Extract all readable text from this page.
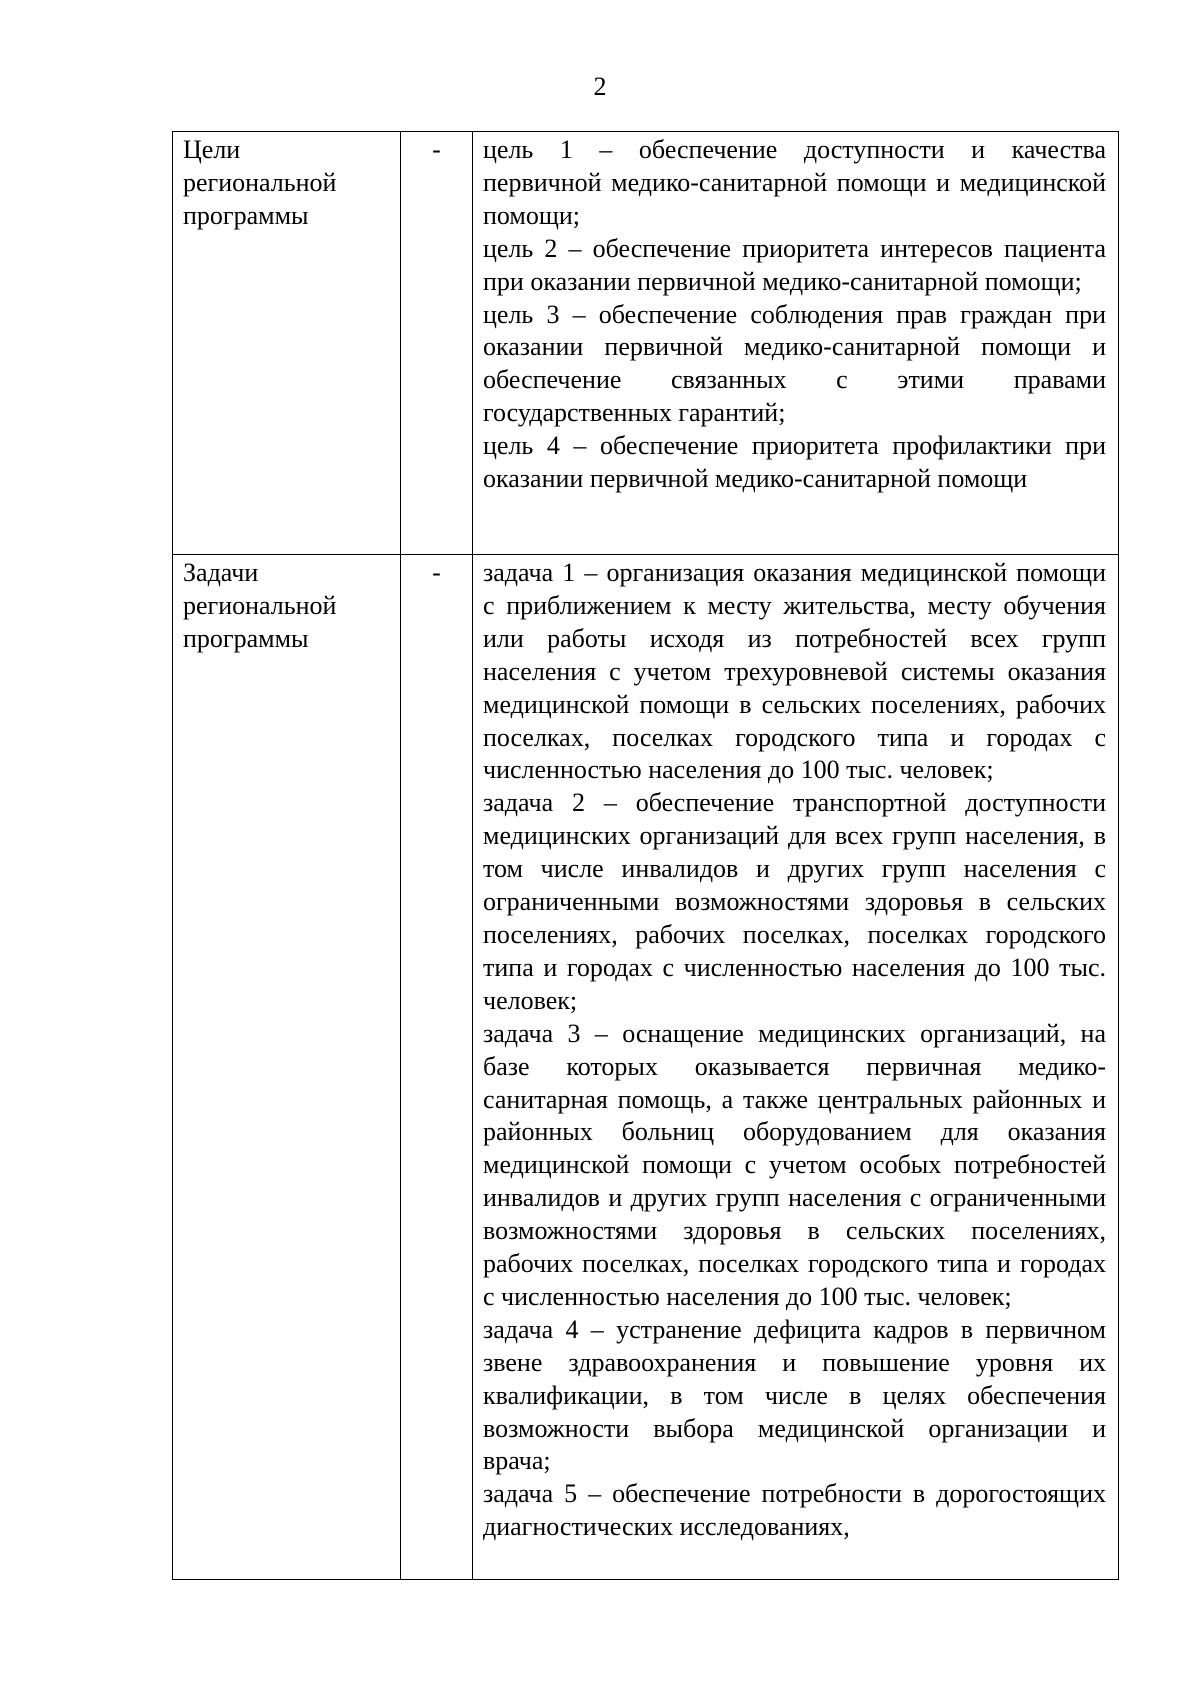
2
Цели региональной программы	-	цель 1 – обеспечение доступности и качества первичной медико-санитарной помощи и медицинской помощи;

цель 2 – обеспечение приоритета интересов пациента при оказании первичной медико-санитарной помощи;

цель 3 – обеспечение соблюдения прав граждан при оказании первичной медико-санитарной помощи и обеспечение связанных с этими правами государственных гарантий;

цель 4 – обеспечение приоритета профилактики при оказании первичной медико-санитарной помощи

Задачи региональной программы	-	задача 1 – организация оказания медицинской помощи с приближением к месту жительства, месту обучения или работы исходя из потребностей всех групп населения с учетом трехуровневой системы оказания медицинской помощи в сельских поселениях, рабочих поселках, поселках городского типа и городах с численностью населения до 100 тыс. человек;

задача 2 – обеспечение транспортной доступности медицинских организаций для всех групп населения, в том числе инвалидов и других групп населения с ограниченными возможностями здоровья в сельских поселениях, рабочих поселках, поселках городского типа и городах с численностью населения до 100 тыс. человек;

задача 3 – оснащение медицинских организаций, на базе которых оказывается первичная медико-санитарная помощь, а также центральных районных и районных больниц оборудованием для оказания медицинской помощи с учетом особых потребностей инвалидов и других групп населения с ограниченными возможностями здоровья в сельских поселениях, рабочих поселках, поселках городского типа и городах с численностью населения до 100 тыс. человек;

задача 4 – устранение дефицита кадров в первичном звене здравоохранения и повышение уровня их квалификации, в том числе в целях обеспечения возможности выбора медицинской организации и врача;

задача 5 – обеспечение потребности в дорогостоящих диагностических исследованиях,
